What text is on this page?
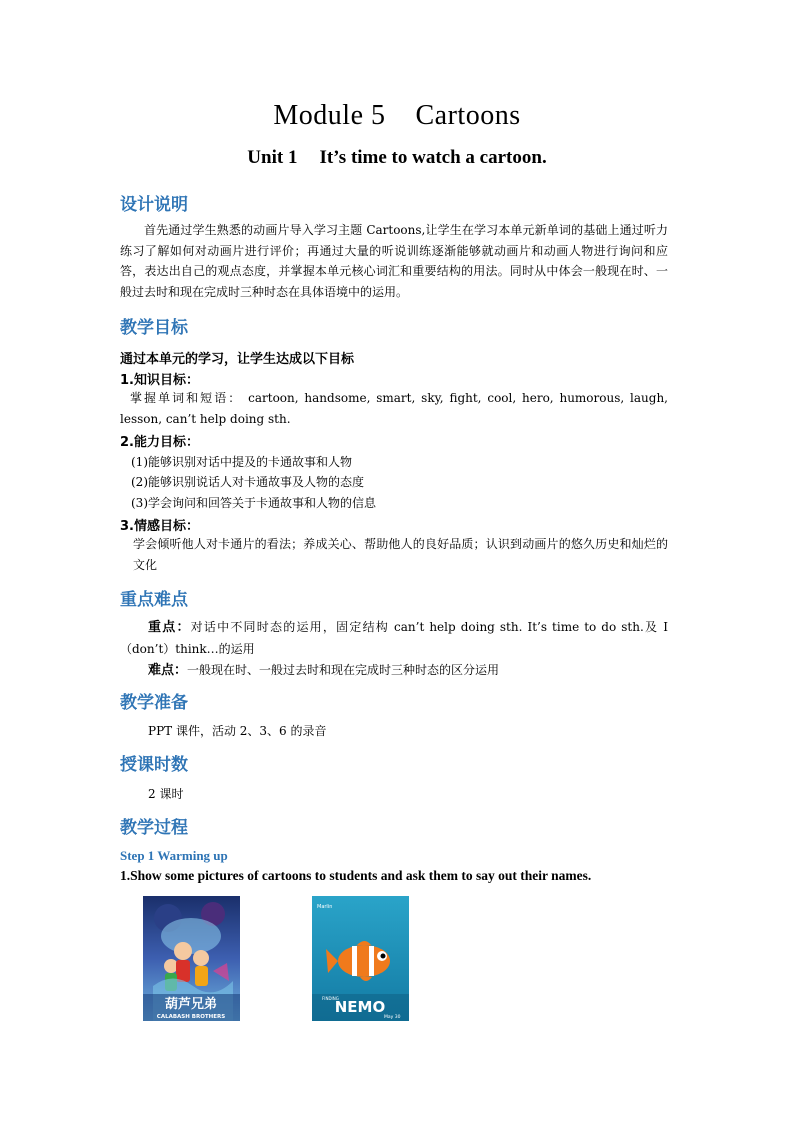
Module 5 Cartoons
Unit 1 It’s time to watch a cartoon.
设计说明
首先通过学生熟悉的动画片导入学习主题 Cartoons,让学生在学习本单元新单词的基础上通过听力练习了解如何对动画片进行评价；再通过大量的听说训练逐渐能够就动画片和动画人物进行询问和应答，表达出自己的观点态度，并掌握本单元核心词汇和重要结构的用法。同时从中体会一般现在时、一般过去时和现在完成时三种时态在具体语境中的运用。
教学目标
通过本单元的学习，让学生达成以下目标
1.知识目标：
掌握单词和短语： cartoon, handsome, smart, sky, fight, cool, hero, humorous, laugh, lesson, can’t help doing sth.
2.能力目标：
(1)能够识别对话中提及的卡通故事和人物
(2)能够识别说话人对卡通故事及人物的态度
(3)学会询问和回答关于卡通故事和人物的信息
3.情感目标：
学会倾听他人对卡通片的看法；养成关心、帮助他人的良好品质；认识到动画片的悠久历史和灿烂的文化
重点难点
重点：对话中不同时态的运用，固定结构 can’t help doing sth. It’s time to do sth.及 I（don’t）think…的运用
难点：一般现在时、一般过去时和现在完成时三种时态的区分运用
教学准备
PPT 课件，活动 2、3、6 的录音
授课时数
2 课时
教学过程
Step 1 Warming up
1.Show some pictures of cartoons to students and ask them to say out their names.
葫芦兄弟
CALABASH BROTHERS
Marlin
FINDING
NEMO
May 30
